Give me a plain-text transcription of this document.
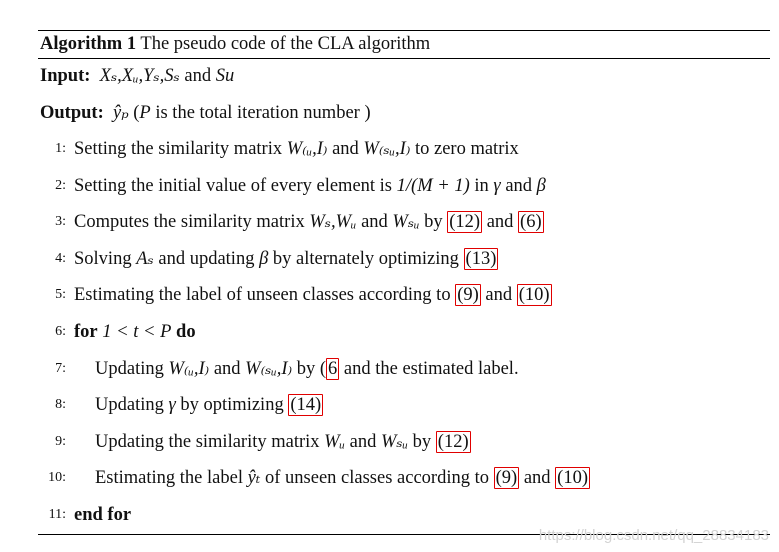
Algorithm 1 The pseudo code of the CLA algorithm
Input: Xₛ,Xᵤ,Yₛ,Sₛ and Su
Output: ŷₚ (P is the total iteration number )
1: Setting the similarity matrix W₍ᵤ,I₎ and W₍ₛᵤ,I₎ to zero matrix
2: Setting the initial value of every element is 1/(M + 1) in γ and β
3: Computes the similarity matrix Wₛ,Wᵤ and Wₛᵤ by (12) and (6)
4: Solving Aₛ and updating β by alternately optimizing (13)
5: Estimating the label of unseen classes according to (9) and (10)
6: for 1 < t < P do
7: Updating W₍ᵤ,I₎ and W₍ₛᵤ,I₎ by ( 6 and the estimated label.
8: Updating γ by optimizing (14)
9: Updating the similarity matrix Wᵤ and Wₛᵤ by (12)
10: Estimating the label ŷₜ of unseen classes according to (9) and (10)
11: end for
https://blog.csdn.net/qq_28834183
